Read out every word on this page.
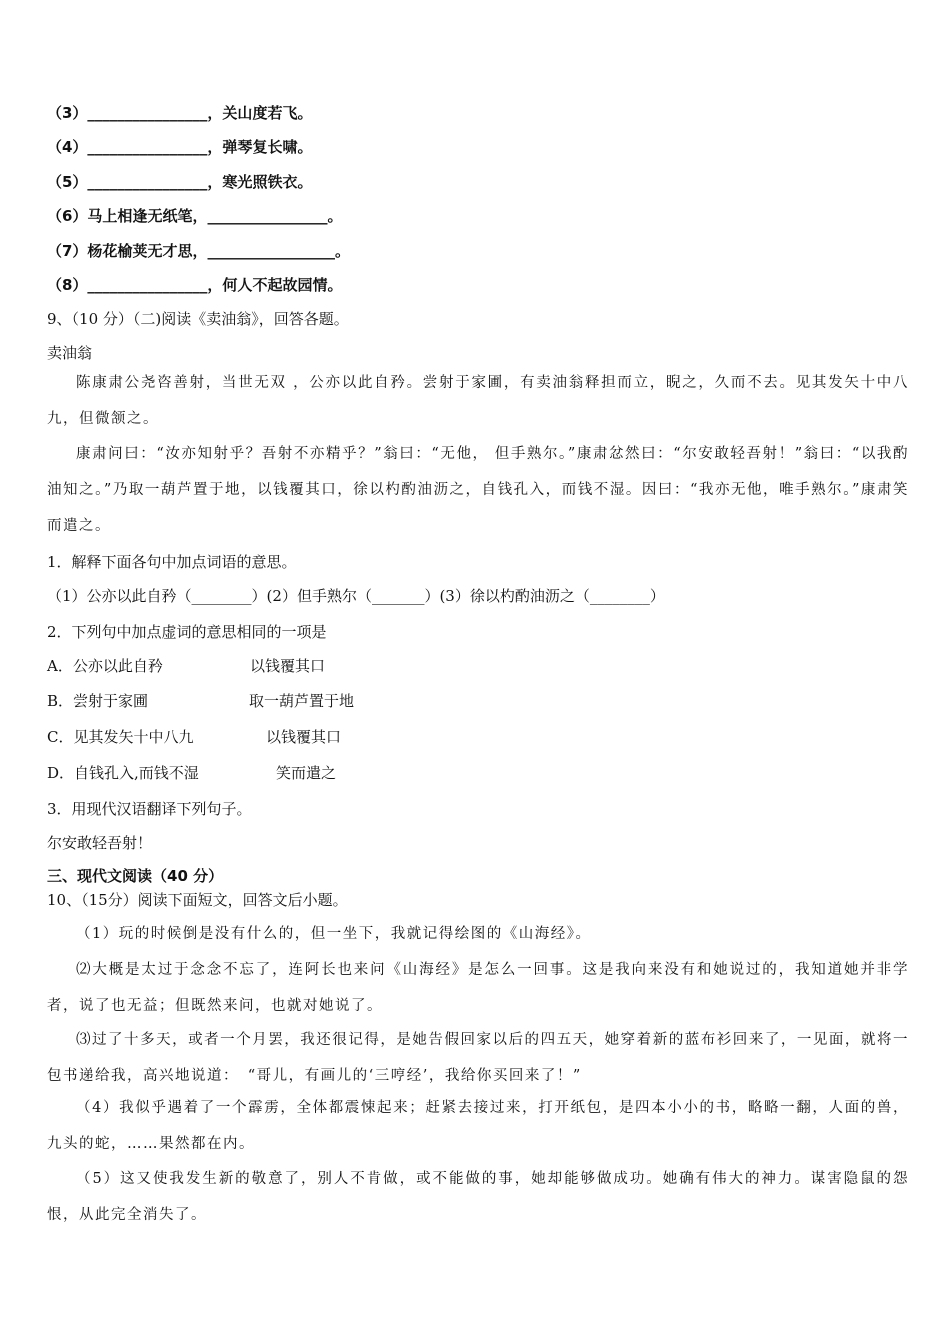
（3）________________，关山度若飞。
（4）________________，弹琴复长啸。
（5）________________，寒光照铁衣。
（6）马上相逢无纸笔，________________。
（7）杨花榆荚无才思，_________________。
（8）________________，何人不起故园情。
9、（10 分）（二)阅读《卖油翁》，回答各题。
卖油翁
陈康肃公尧咨善射，当世无双 ，公亦以此自矜。尝射于家圃，有卖油翁释担而立，睨之，久而不去。见其发矢十中八九，但微颔之。
康肃问曰：“汝亦知射乎？吾射不亦精乎？”翁曰：“无他， 但手熟尔。”康肃忿然曰：“尔安敢轻吾射！”翁曰：“以我酌油知之。”乃取一葫芦置于地，以钱覆其口，徐以杓酌油沥之，自钱孔入，而钱不湿。因曰：“我亦无他，唯手熟尔。”康肃笑而遣之。
1．解释下面各句中加点词语的意思。
（1）公亦以此自矜（________）(2）但手熟尔（_______）(3）徐以杓酌油沥之（________）
2．下列句中加点虚词的意思相同的一项是
A．公亦以此自矜	以钱覆其口
B．尝射于家圃	取一葫芦置于地
C．见其发矢十中八九	以钱覆其口
D．自钱孔入,而钱不湿	笑而遣之
3．用现代汉语翻译下列句子。
尔安敢轻吾射！
三、现代文阅读（40 分）
10、（15分）阅读下面短文，回答文后小题。
（1）玩的时候倒是没有什么的，但一坐下，我就记得绘图的《山海经》。
⑵大概是太过于念念不忘了，连阿长也来问《山海经》是怎么一回事。这是我向来没有和她说过的，我知道她并非学者，说了也无益；但既然来问，也就对她说了。
⑶过了十多天，或者一个月罢，我还很记得，是她告假回家以后的四五天，她穿着新的蓝布衫回来了，一见面，就将一包书递给我，高兴地说道：　“哥儿，有画儿的‘三哼经’，我给你买回来了！”
（4）我似乎遇着了一个霹雳，全体都震悚起来；赶紧去接过来，打开纸包，是四本小小的书，略略一翻，人面的兽，九头的蛇，……果然都在内。
（5）这又使我发生新的敬意了，别人不肯做，或不能做的事，她却能够做成功。她确有伟大的神力。谋害隐鼠的怨恨，从此完全消失了。
